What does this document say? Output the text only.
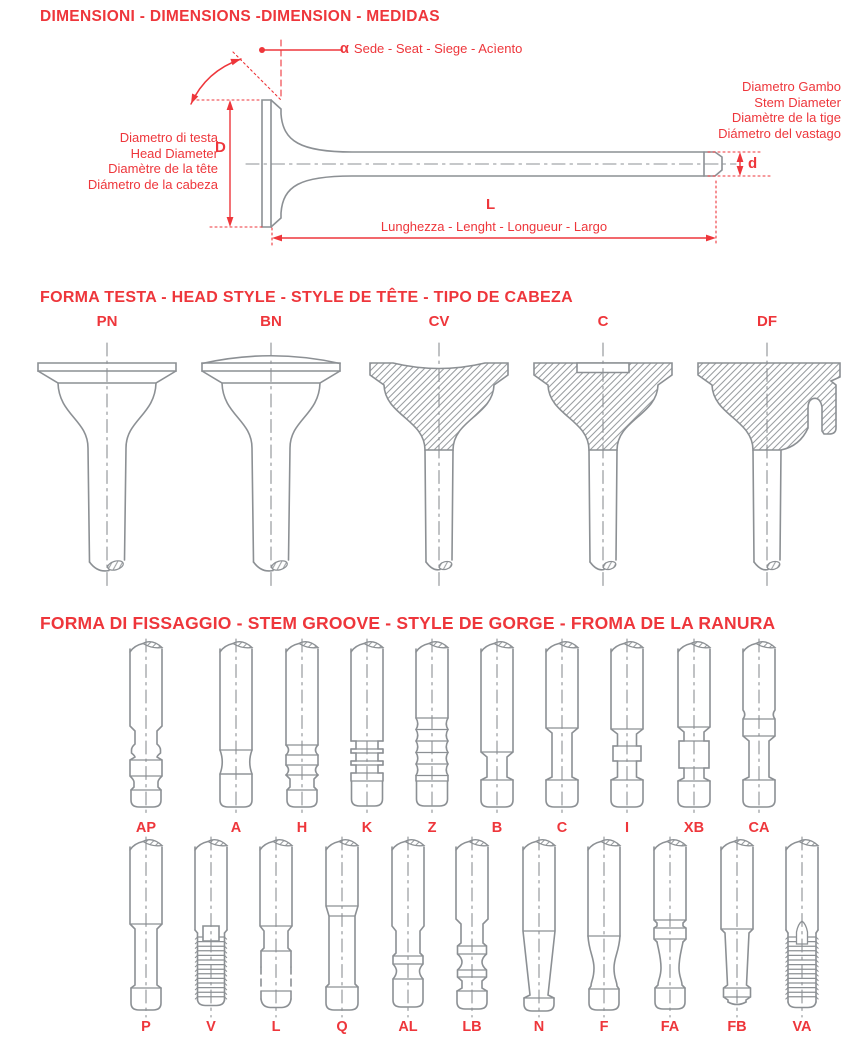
DIMENSIONI - DIMENSIONS -DIMENSION - MEDIDAS
α Sede - Seat - Siege - Acìento
Diametro Gambo
Stem Diameter
Diamètre de la tige
Diámetro del vastago
Diametro di testa
Head Diameter
Diamètre de la tête
Diámetro de la cabeza
D
d
L
Lunghezza - Lenght - Longueur - Largo
FORMA TESTA - HEAD STYLE - STYLE DE TÊTE - TIPO DE CABEZA
PN	BN	CV	C	DF
FORMA DI FISSAGGIO - STEM GROOVE - STYLE DE GORGE - FROMA DE LA RANURA
AP	A	H	K	Z	B	C	I	XB	CA
P	V	L	Q	AL	LB	N	F	FA	FB	VA
